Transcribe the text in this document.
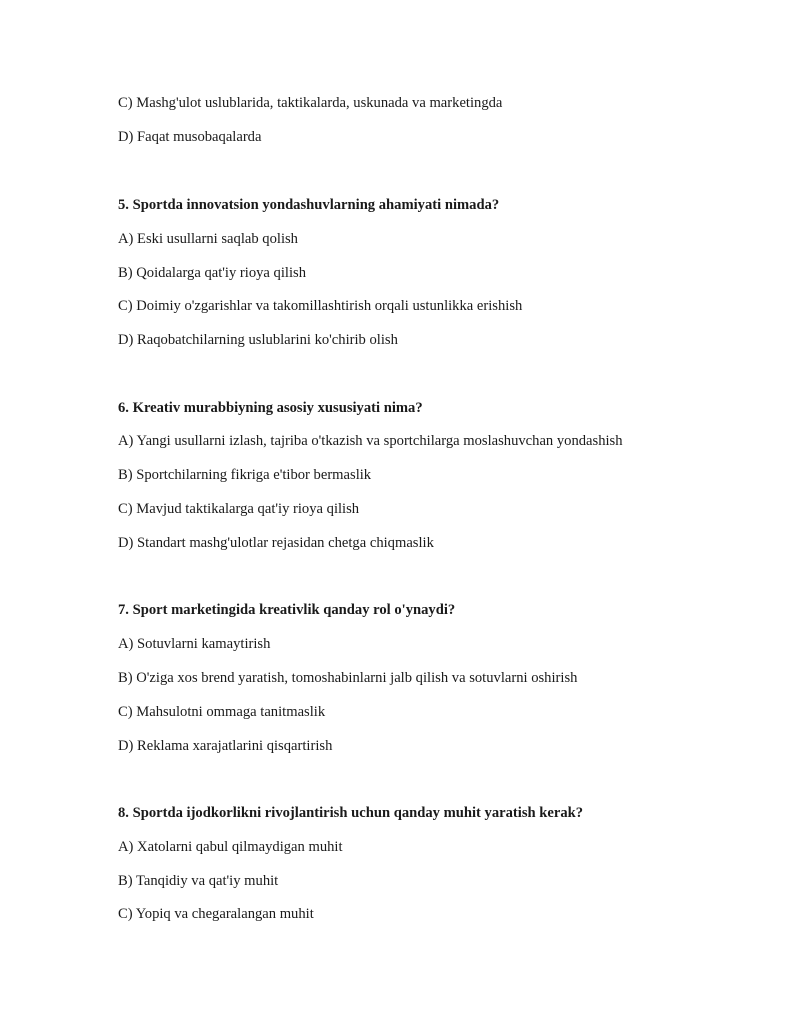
C) Mashg'ulot uslublarida, taktikalarda, uskunada va marketingda
D) Faqat musobaqalarda
5. Sportda innovatsion yondashuvlarning ahamiyati nimada?
A) Eski usullarni saqlab qolish
B) Qoidalarga qat'iy rioya qilish
C) Doimiy o'zgarishlar va takomillashtirish orqali ustunlikka erishish
D) Raqobatchilarning uslublarini ko'chirib olish
6. Kreativ murabbiyning asosiy xususiyati nima?
A) Yangi usullarni izlash, tajriba o'tkazish va sportchilarga moslashuvchan yondashish
B) Sportchilarning fikriga e'tibor bermaslik
C) Mavjud taktikalarga qat'iy rioya qilish
D) Standart mashg'ulotlar rejasidan chetga chiqmaslik
7. Sport marketingida kreativlik qanday rol o'ynaydi?
A) Sotuvlarni kamaytirish
B) O'ziga xos brend yaratish, tomoshabinlarni jalb qilish va sotuvlarni oshirish
C) Mahsulotni ommaga tanitmaslik
D) Reklama xarajatlarini qisqartirish
8. Sportda ijodkorlikni rivojlantirish uchun qanday muhit yaratish kerak?
A) Xatolarni qabul qilmaydigan muhit
B) Tanqidiy va qat'iy muhit
C) Yopiq va chegaralangan muhit
